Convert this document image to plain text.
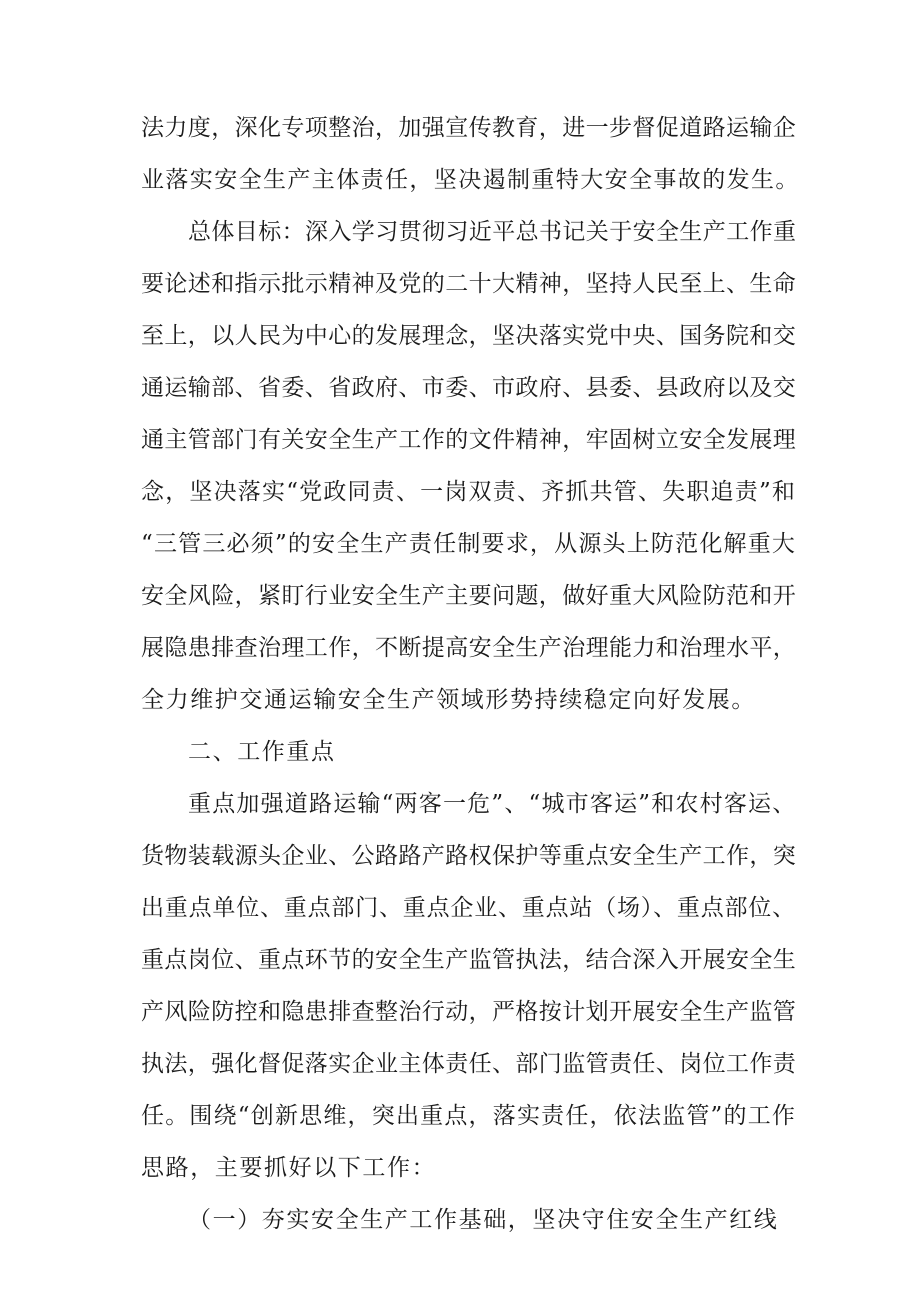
法力度，深化专项整治，加强宣传教育，进一步督促道路运输企
业落实安全生产主体责任，坚决遏制重特大安全事故的发生。
总体目标：深入学习贯彻习近平总书记关于安全生产工作重
要论述和指示批示精神及党的二十大精神，坚持人民至上、生命
至上，以人民为中心的发展理念，坚决落实党中央、国务院和交
通运输部、省委、省政府、市委、市政府、县委、县政府以及交
通主管部门有关安全生产工作的文件精神，牢固树立安全发展理
念，坚决落实“党政同责、一岗双责、齐抓共管、失职追责”和
“三管三必须”的安全生产责任制要求，从源头上防范化解重大
安全风险，紧盯行业安全生产主要问题，做好重大风险防范和开
展隐患排查治理工作，不断提高安全生产治理能力和治理水平，
全力维护交通运输安全生产领域形势持续稳定向好发展。
二、工作重点
重点加强道路运输“两客一危”、“城市客运”和农村客运、
货物装载源头企业、公路路产路权保护等重点安全生产工作，突
出重点单位、重点部门、重点企业、重点站（场）、重点部位、
重点岗位、重点环节的安全生产监管执法，结合深入开展安全生
产风险防控和隐患排查整治行动，严格按计划开展安全生产监管
执法，强化督促落实企业主体责任、部门监管责任、岗位工作责
任。围绕“创新思维，突出重点，落实责任，依法监管”的工作
思路，主要抓好以下工作：
（一）夯实安全生产工作基础，坚决守住安全生产红线
